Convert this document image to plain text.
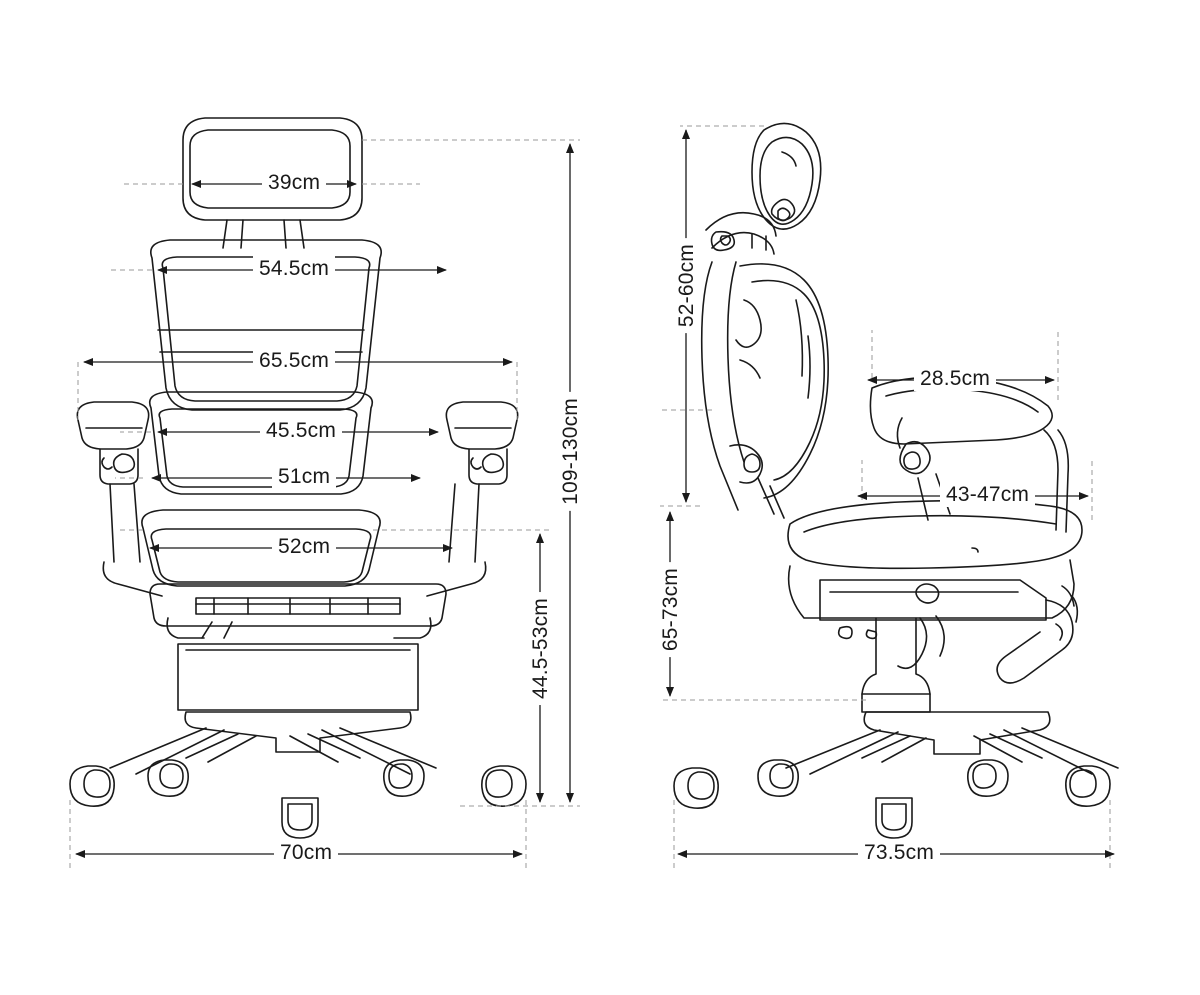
39cm
54.5cm
65.5cm
45.5cm
51cm
52cm
70cm
109-130cm
44.5-53cm
52-60cm
65-73cm
28.5cm
43-47cm
73.5cm
